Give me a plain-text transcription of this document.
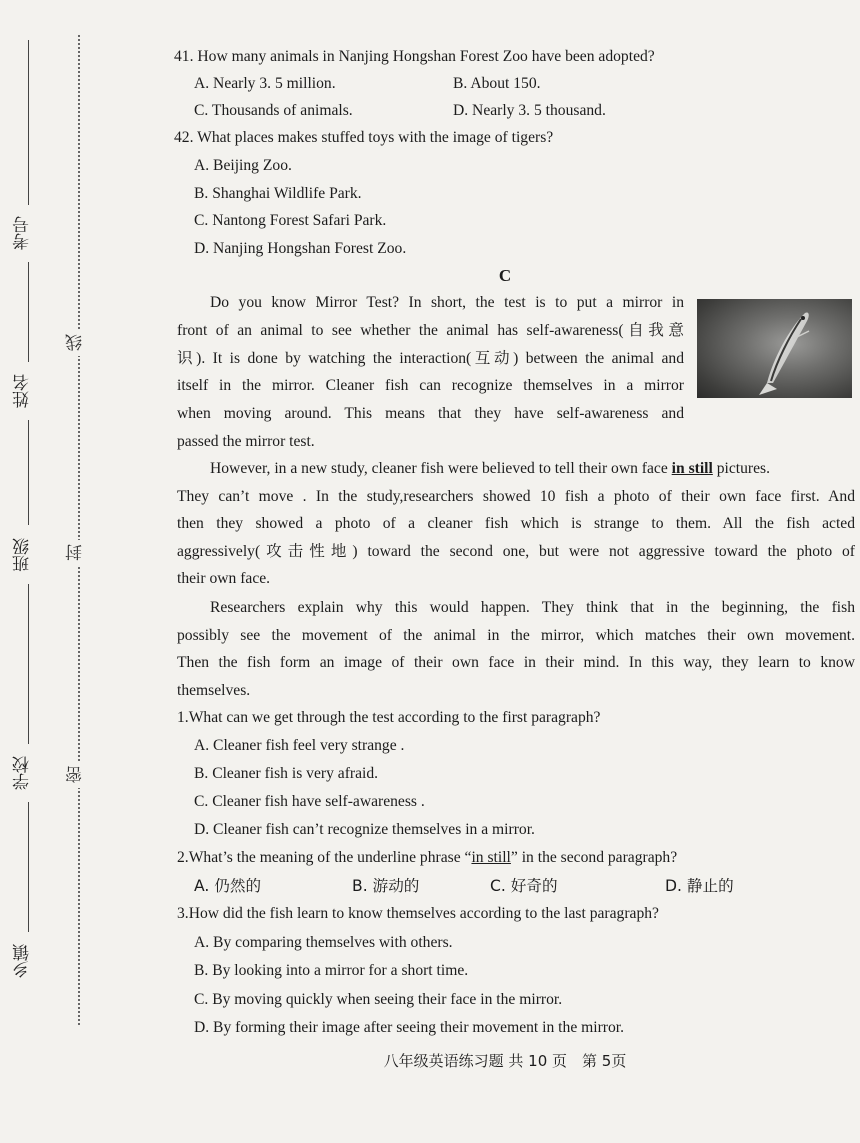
考号
姓名
班级
学校
乡镇
线
封
密
41. How many animals in Nanjing Hongshan Forest Zoo have been adopted?
A. Nearly 3. 5 million.	B. About 150.
C. Thousands of animals.	D. Nearly 3. 5 thousand.
42. What places makes stuffed toys with the image of tigers?
A. Beijing Zoo.
B. Shanghai Wildlife Park.
C. Nantong Forest Safari Park.
D. Nanjing Hongshan Forest Zoo.
C
Do you know Mirror Test? In short, the test is to put a mirror in
front of an animal to see whether the animal has self-awareness(自我意
识). It is done by watching the interaction(互动) between the animal and
itself in the mirror. Cleaner fish can recognize themselves in a mirror
when moving around. This means that they have self-awareness and
passed the mirror test.
However, in a new study, cleaner fish were believed to tell their own face in still pictures.
They can’t move . In the study,researchers showed 10 fish a photo of their own face first. And
then they showed a photo of a cleaner fish which is strange to them. All the fish acted
aggressively(攻击性地) toward the second one, but were not aggressive toward the photo of
their own face.
Researchers explain why this would happen. They think that in the beginning, the fish
possibly see the movement of the animal in the mirror, which matches their own movement.
Then the fish form an image of their own face in their mind. In this way, they learn to know
themselves.
1.What can we get through the test according to the first paragraph?
A. Cleaner fish feel very strange .
B. Cleaner fish is very afraid.
C. Cleaner fish have self-awareness .
D. Cleaner fish can’t recognize themselves in a mirror.
2.What’s the meaning of the underline phrase “in still” in the second paragraph?
A. 仍然的	B. 游动的	C. 好奇的	D. 静止的
3.How did the fish learn to know themselves according to the last paragraph?
A. By comparing themselves with others.
B. By looking into a mirror for a short time.
C. By moving quickly when seeing their face in the mirror.
D. By forming their image after seeing their movement in the mirror.
八年级英语练习题 共 10 页　第 5页
